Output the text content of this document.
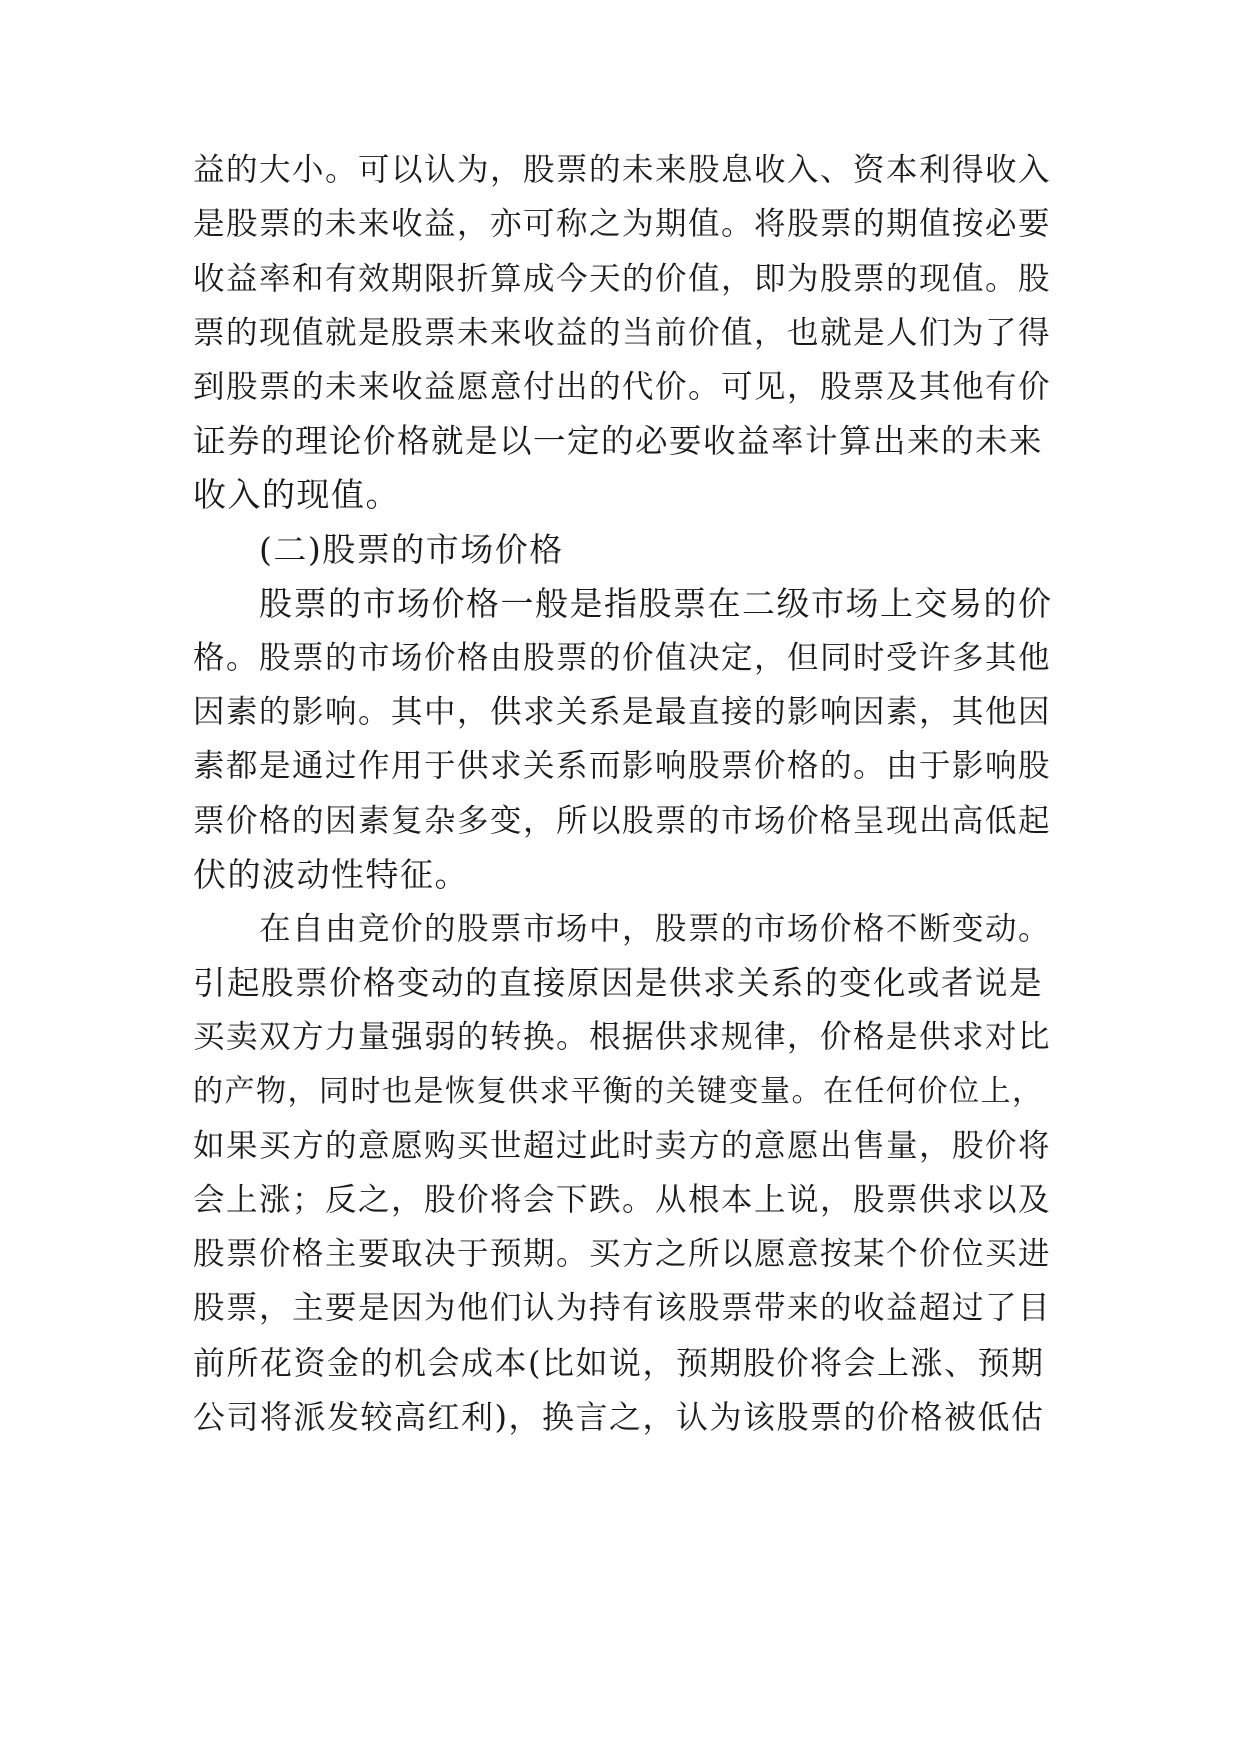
益的大小。可以认为，股票的未来股息收入、资本利得收入
是股票的未来收益，亦可称之为期值。将股票的期值按必要
收益率和有效期限折算成今天的价值，即为股票的现值。股
票的现值就是股票未来收益的当前价值，也就是人们为了得
到股票的未来收益愿意付出的代价。可见，股票及其他有价
证券的理论价格就是以一定的必要收益率计算出来的未来
收入的现值。
(二)股票的市场价格
股票的市场价格一般是指股票在二级市场上交易的价
格。股票的市场价格由股票的价值决定，但同时受许多其他
因素的影响。其中，供求关系是最直接的影响因素，其他因
素都是通过作用于供求关系而影响股票价格的。由于影响股
票价格的因素复杂多变，所以股票的市场价格呈现出高低起
伏的波动性特征。
在自由竞价的股票市场中，股票的市场价格不断变动。
引起股票价格变动的直接原因是供求关系的变化或者说是
买卖双方力量强弱的转换。根据供求规律，价格是供求对比
的产物，同时也是恢复供求平衡的关键变量。在任何价位上，
如果买方的意愿购买世超过此时卖方的意愿出售量，股价将
会上涨；反之，股价将会下跌。从根本上说，股票供求以及
股票价格主要取决于预期。买方之所以愿意按某个价位买进
股票，主要是因为他们认为持有该股票带来的收益超过了目
前所花资金的机会成本(比如说，预期股价将会上涨、预期
公司将派发较高红利)，换言之，认为该股票的价格被低估
